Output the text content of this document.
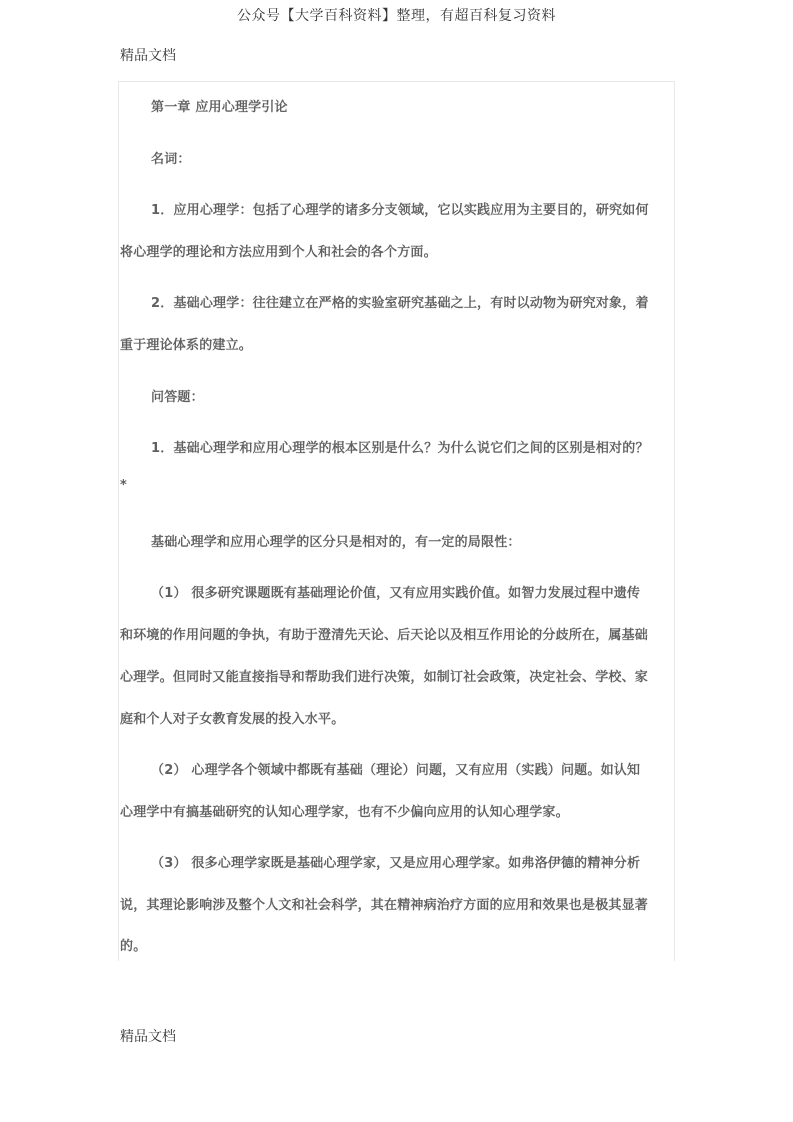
公众号【大学百科资料】整理，有超百科复习资料
精品文档
第一章 应用心理学引论
名词：
1．应用心理学：包括了心理学的诸多分支领域，它以实践应用为主要目的，研究如何
将心理学的理论和方法应用到个人和社会的各个方面。
2．基础心理学：往往建立在严格的实验室研究基础之上，有时以动物为研究对象，着
重于理论体系的建立。
问答题：
1．基础心理学和应用心理学的根本区别是什么？为什么说它们之间的区别是相对的？
*
基础心理学和应用心理学的区分只是相对的，有一定的局限性：
（1） 很多研究课题既有基础理论价值，又有应用实践价值。如智力发展过程中遗传
和环境的作用问题的争执，有助于澄清先天论、后天论以及相互作用论的分歧所在，属基础
心理学。但同时又能直接指导和帮助我们进行决策，如制订社会政策，决定社会、学校、家
庭和个人对子女教育发展的投入水平。
（2） 心理学各个领域中都既有基础（理论）问题，又有应用（实践）问题。如认知
心理学中有搞基础研究的认知心理学家，也有不少偏向应用的认知心理学家。
（3） 很多心理学家既是基础心理学家，又是应用心理学家。如弗洛伊德的精神分析
说，其理论影响涉及整个人文和社会科学，其在精神病治疗方面的应用和效果也是极其显著
的。
精品文档
